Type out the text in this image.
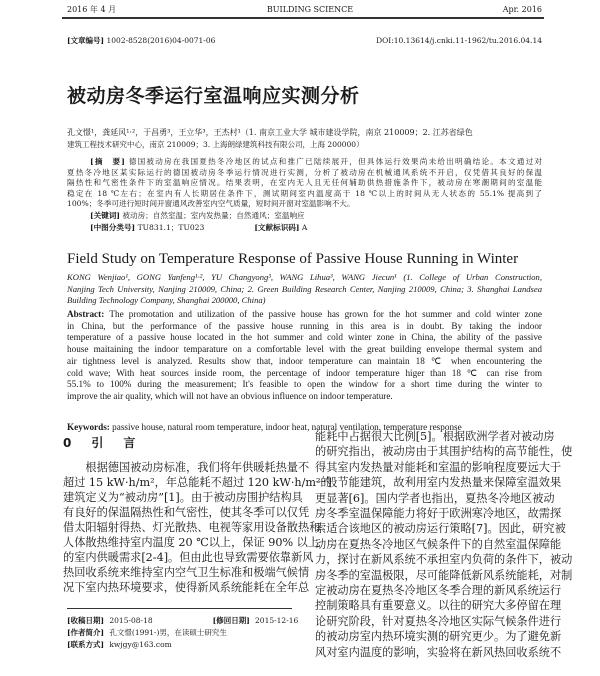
2016 年 4 月	BUILDING SCIENCE	Apr. 2016
[文章编号] 1002-8528(2016)04-0071-06	DOI:10.13614/j.cnki.11-1962/tu.2016.04.14
被动房冬季运行室温响应实测分析
孔文憬¹，龚延风¹·²，于昌勇³，王立华³，王杰村¹（1. 南京工业大学 城市建设学院，南京 210009；2. 江苏省绿色
建筑工程技术研究中心，南京 210009；3. 上海朗绿建筑科技有限公司，上海 200000）
[摘　要] 德国被动房在我国夏热冬冷地区的试点和推广已陆续展开，但具体运行效果尚未给出明确结论。本文通过对
夏热冬冷地区某实际运行的德国被动房冬季运行情况进行实测，分析了被动房在机械通风系统不开启，仅凭借其良好的保温
隔热性和气密性条件下的室温响应情况。结果表明，在室内无人且无任何辅助供热措施条件下，被动房在寒潮期间的室温能
稳定在 18 ℃左右；在室内有人长期居住条件下，测试期间室内温度高于 18 ℃以上的时间从无人状态的 55.1% 提高到了
100%；冬季可进行短时间开窗通风改善室内空气质量，短时间开窗对室温影响不大。
[关键词] 被动房；自然室温；室内发热量；自然通风；室温响应
[中图分类号] TU831.1；TU023	[文献标识码] A
Field Study on Temperature Response of Passive House Running in Winter
KONG Wenjiao¹, GONG Yanfeng¹·², YU Changyong³, WANG Lihua³, WANG Jiecun¹ (1. College of Urban Construction,
Nanjing Tech University, Nanjing 210009, China; 2. Green Building Research Center, Nanjing 210009, China; 3. Shanghai Landsea
Building Technology Company, Shanghai 200000, China)
Abstract: The promotation and utilization of the passive house has grown for the hot summer and cold winter zone
in China, but the performance of the passive house running in this area is in doubt. By taking the indoor
temperature of a passive house located in the hot summer and cold winter zone in China, the ability of the passive
house maitaining the indoor temparature on a comfortable level with the great building envelope thermal system and
air tightness level is analyzed. Results show that, indoor temperature can maintain 18 ℃ when encountering the
cold wave; With heat sources inside room, the percentage of indoor temperature higer than 18 ℃ can rise from
55.1% to 100% during the measurement; It's feasible to open the window for a short time during the winter to
improve the air quality, which will not have an obvious influence on indoor temperature.
Keywords: passive house, natural room temperature, indoor heat, natural ventilation, temperature response
0　引　言
　　根据德国被动房标准，我们将年供暖耗热量不
超过 15 kW·h/m²，年总能耗不超过 120 kW·h/m²的
建筑定义为“被动房”[1]。由于被动房围护结构具
有良好的保温隔热性和气密性，使其冬季可以仅凭
借太阳辐射得热、灯光散热、电视等家用设备散热和
人体散热维持室内温度 20 ℃以上，保证 90% 以上
的室内供暖需求[2-4]。但由此也导致需要依靠新风
热回收系统来维持室内空气卫生标准和极端气候情
况下室内热环境要求，使得新风系统能耗在全年总
能耗中占据很大比例[5]。根据欧洲学者对被动房
的研究指出，被动房由于其围护结构的高节能性，使
得其室内发热量对能耗和室温的影响程度要远大于
一般节能建筑，故利用室内发热量来保障室温效果
更显著[6]。国内学者也指出，夏热冬冷地区被动
房冬季室温保障能力将好于欧洲寒冷地区，故需探
索适合该地区的被动房运行策略[7]。因此，研究被
动房在夏热冬冷地区气候条件下的自然室温保障能
力，探讨在新风系统不承担室内负荷的条件下，被动
房冬季的室温极限，尽可能降低新风系统能耗，对制
定被动房在夏热冬冷地区冬季合理的新风系统运行
控制策略具有重要意义。以往的研究大多停留在理
论研究阶段，针对夏热冬冷地区实际气候条件进行
的被动房室内热环境实测的研究更少。为了避免新
风对室内温度的影响，实验将在新风热回收系统不
[收稿日期] 2015-08-18	[修回日期] 2015-12-16
[作者简介] 孔文憬(1991-)男，在读硕士研究生
[联系方式] kwjgy@163.com
